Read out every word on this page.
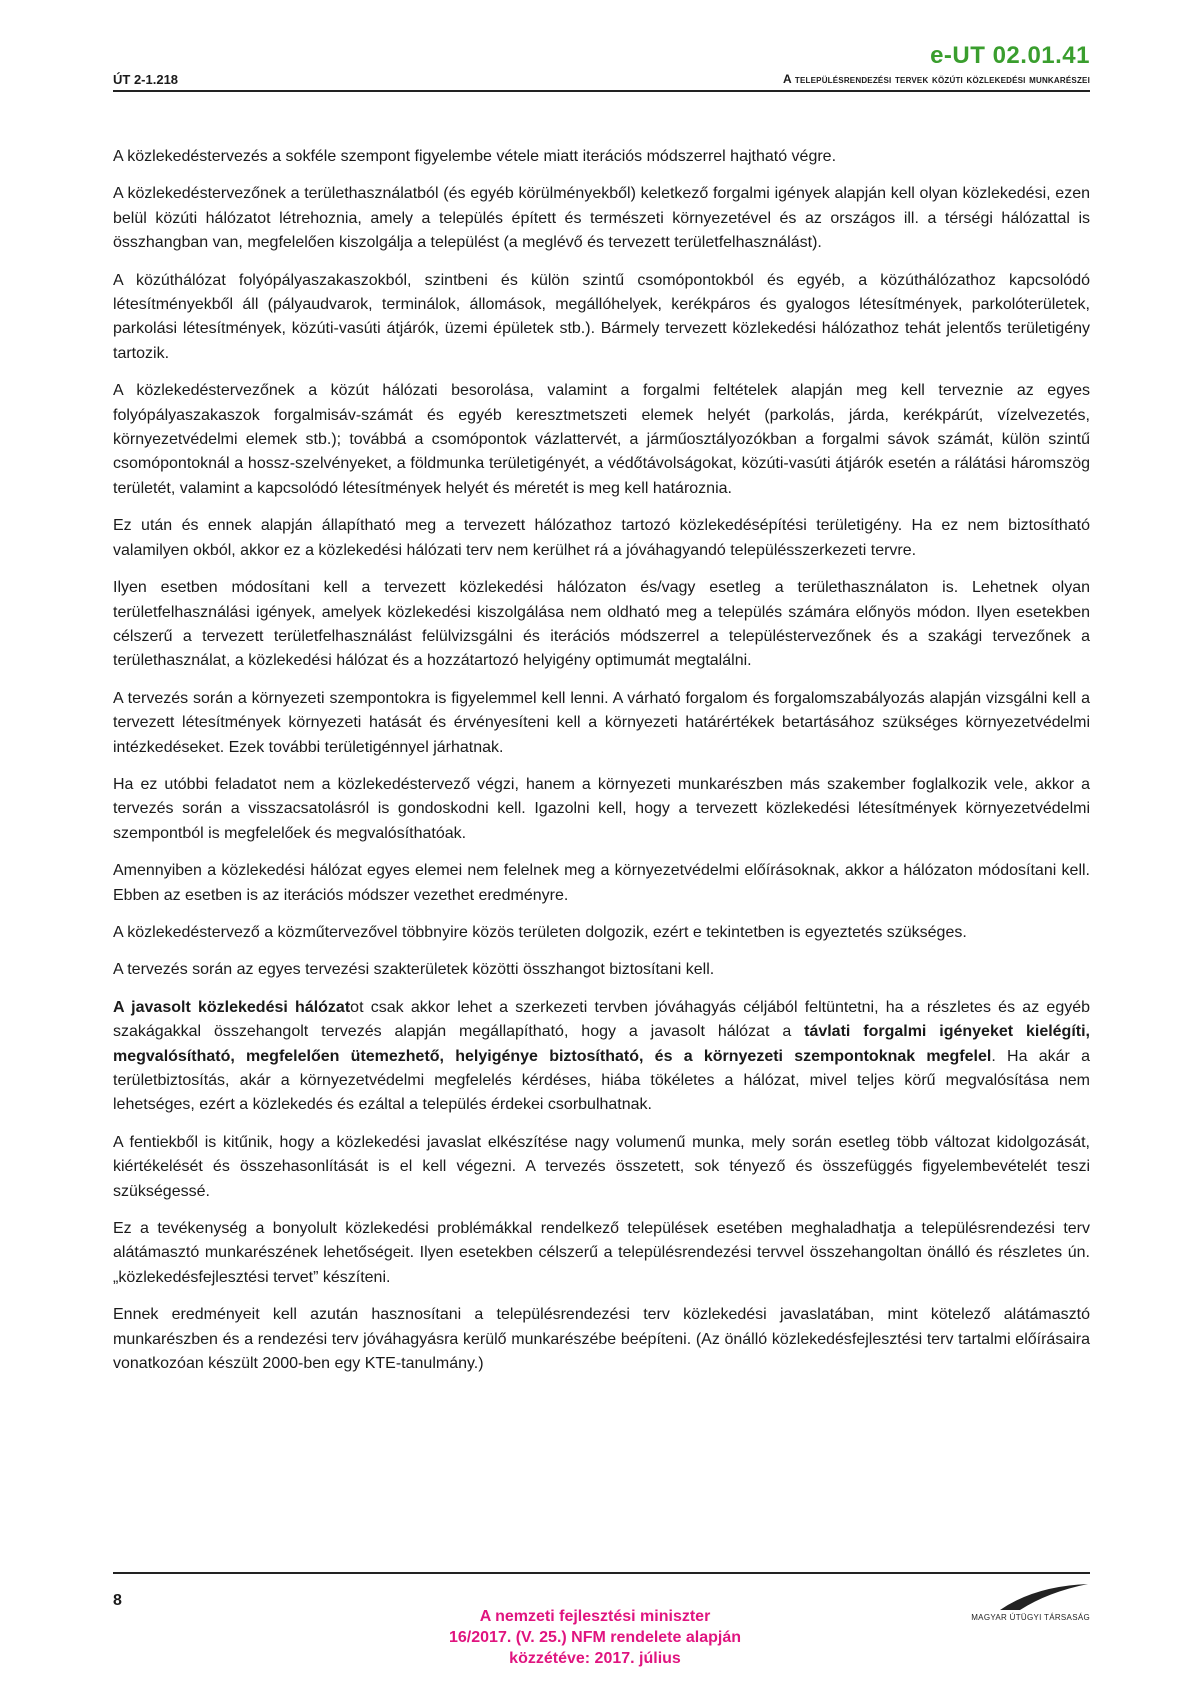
e-UT 02.01.41
ÚT 2-1.218	A településrendezési tervek közúti közlekedési munkarészei

A közlekedéstervezés a sokféle szempont figyelembe vétele miatt iterációs módszerrel hajtható végre.

A közlekedéstervezőnek a területhasználatból (és egyéb körülményekből) keletkező forgalmi igények alapján kell olyan közlekedési, ezen belül közúti hálózatot létrehoznia, amely a település épített és természeti környezetével és az országos ill. a térségi hálózattal is összhangban van, megfelelően kiszolgálja a települést (a meglévő és tervezett területfelhasználást).

A közúthálózat folyópályaszakaszokból, szintbeni és külön szintű csomópontokból és egyéb, a közúthálózathoz kapcsolódó létesítményekből áll (pályaudvarok, terminálok, állomások, megállóhelyek, kerékpáros és gyalogos létesítmények, parkolóterületek, parkolási létesítmények, közúti-vasúti átjárók, üzemi épületek stb.). Bármely tervezett közlekedési hálózathoz tehát jelentős területigény tartozik.

A közlekedéstervezőnek a közút hálózati besorolása, valamint a forgalmi feltételek alapján meg kell terveznie az egyes folyópályaszakaszok forgalmisáv-számát és egyéb keresztmetszeti elemek helyét (parkolás, járda, kerékpárút, vízelvezetés, környezetvédelmi elemek stb.); továbbá a csomópontok vázlattervét, a járműosztályozókban a forgalmi sávok számát, külön szintű csomópontoknál a hossz-szelvényeket, a földmunka területigényét, a védőtávolságokat, közúti-vasúti átjárók esetén a rálátási háromszög területét, valamint a kapcsolódó létesítmények helyét és méretét is meg kell határoznia.

Ez után és ennek alapján állapítható meg a tervezett hálózathoz tartozó közlekedésépítési területigény. Ha ez nem biztosítható valamilyen okból, akkor ez a közlekedési hálózati terv nem kerülhet rá a jóváhagyandó településszerkezeti tervre.

Ilyen esetben módosítani kell a tervezett közlekedési hálózaton és/vagy esetleg a területhasználaton is. Lehetnek olyan területfelhasználási igények, amelyek közlekedési kiszolgálása nem oldható meg a település számára előnyös módon. Ilyen esetekben célszerű a tervezett területfelhasználást felülvizsgálni és iterációs módszerrel a településtervezőnek és a szakági tervezőnek a területhasználat, a közlekedési hálózat és a hozzátartozó helyigény optimumát megtalálni.

A tervezés során a környezeti szempontokra is figyelemmel kell lenni. A várható forgalom és forgalomszabályozás alapján vizsgálni kell a tervezett létesítmények környezeti hatását és érvényesíteni kell a környezeti határértékek betartásához szükséges környezetvédelmi intézkedéseket. Ezek további területigénnyel járhatnak.

Ha ez utóbbi feladatot nem a közlekedéstervező végzi, hanem a környezeti munkarészben más szakember foglalkozik vele, akkor a tervezés során a visszacsatolásról is gondoskodni kell. Igazolni kell, hogy a tervezett közlekedési létesítmények környezetvédelmi szempontból is megfelelőek és megvalósíthatóak.

Amennyiben a közlekedési hálózat egyes elemei nem felelnek meg a környezetvédelmi előírásoknak, akkor a hálózaton módosítani kell. Ebben az esetben is az iterációs módszer vezethet eredményre.

A közlekedéstervező a közműtervezővel többnyire közös területen dolgozik, ezért e tekintetben is egyeztetés szükséges.

A tervezés során az egyes tervezési szakterületek közötti összhangot biztosítani kell.

A javasolt közlekedési hálózatot csak akkor lehet a szerkezeti tervben jóváhagyás céljából feltüntetni, ha a részletes és az egyéb szakágakkal összehangolt tervezés alapján megállapítható, hogy a javasolt hálózat a távlati forgalmi igényeket kielégíti, megvalósítható, megfelelően ütemezhető, helyigénye biztosítható, és a környezeti szempontoknak megfelel. Ha akár a területbiztosítás, akár a környezetvédelmi megfelelés kérdéses, hiába tökéletes a hálózat, mivel teljes körű megvalósítása nem lehetséges, ezért a közlekedés és ezáltal a település érdekei csorbulhatnak.

A fentiekből is kitűnik, hogy a közlekedési javaslat elkészítése nagy volumenű munka, mely során esetleg több változat kidolgozását, kiértékelését és összehasonlítását is el kell végezni. A tervezés összetett, sok tényező és összefüggés figyelembevételét teszi szükségessé.

Ez a tevékenység a bonyolult közlekedési problémákkal rendelkező települések esetében meghaladhatja a településrendezési terv alátámasztó munkarészének lehetőségeit. Ilyen esetekben célszerű a településrendezési tervvel összehangoltan önálló és részletes ún. „közlekedésfejlesztési tervet” készíteni.

Ennek eredményeit kell azután hasznosítani a településrendezési terv közlekedési javaslatában, mint kötelező alátámasztó munkarészben és a rendezési terv jóváhagyásra kerülő munkarészébe beépíteni. (Az önálló közlekedésfejlesztési terv tartalmi előírásaira vonatkozóan készült 2000-ben egy KTE-tanulmány.)

8
MAGYAR ÚTÜGYI TÁRSASÁG
A nemzeti fejlesztési miniszter
16/2017. (V. 25.) NFM rendelete alapján
közzétéve: 2017. július
